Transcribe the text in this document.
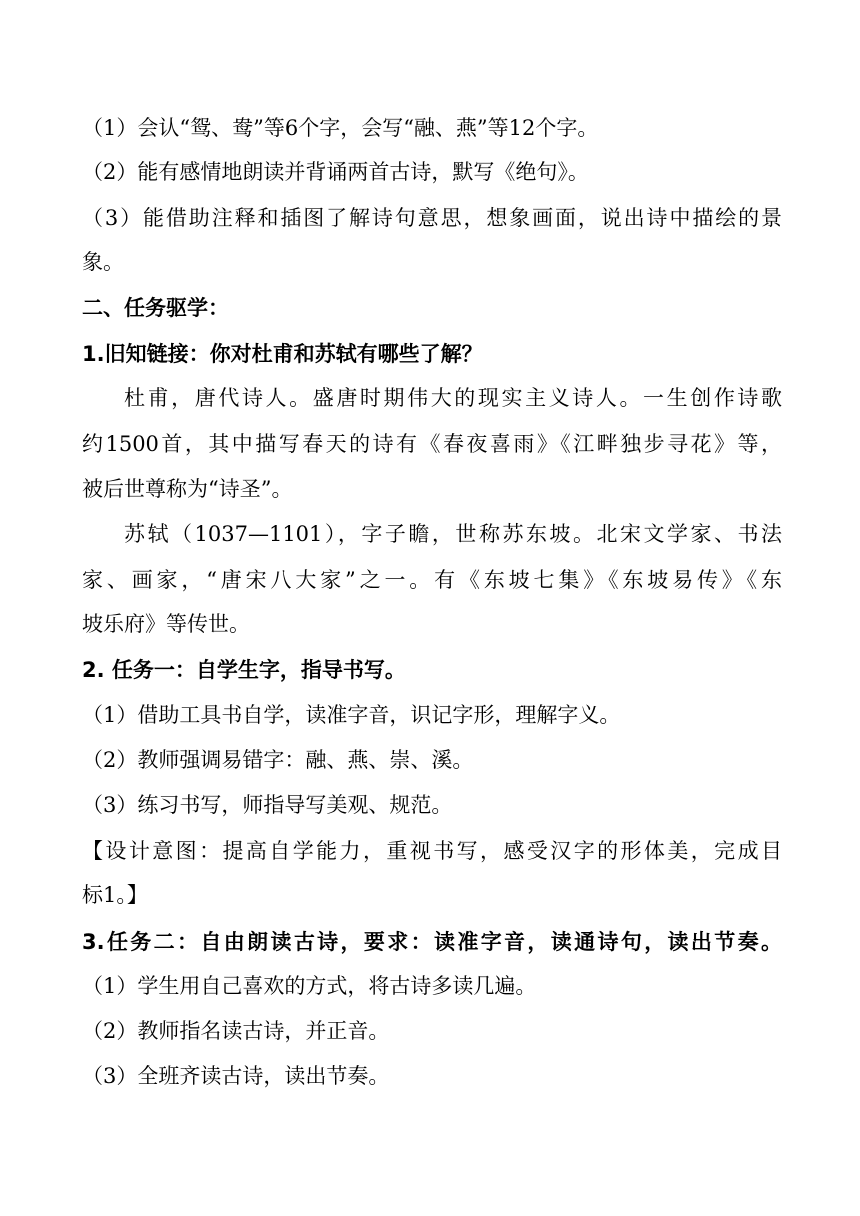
（1）会认“鸳、鸯”等6个字，会写“融、燕”等12个字。
（2）能有感情地朗读并背诵两首古诗，默写《绝句》。
（3）能借助注释和插图了解诗句意思，想象画面，说出诗中描绘的景
象。
二、任务驱学：
1.旧知链接：你对杜甫和苏轼有哪些了解？
杜甫，唐代诗人。盛唐时期伟大的现实主义诗人。一生创作诗歌
约1500首，其中描写春天的诗有《春夜喜雨》《江畔独步寻花》等，
被后世尊称为“诗圣”。
苏轼（1037—1101），字子瞻，世称苏东坡。北宋文学家、书法
家、画家，“唐宋八大家”之一。有《东坡七集》《东坡易传》《东
坡乐府》等传世。
2. 任务一：自学生字，指导书写。
（1）借助工具书自学，读准字音，识记字形，理解字义。
（2）教师强调易错字：融、燕、崇、溪。
（3）练习书写，师指导写美观、规范。
【设计意图：提高自学能力，重视书写，感受汉字的形体美，完成目
标1。】
3.任务二：自由朗读古诗，要求：读准字音，读通诗句，读出节奏。
（1）学生用自己喜欢的方式，将古诗多读几遍。
（2）教师指名读古诗，并正音。
（3）全班齐读古诗，读出节奏。
